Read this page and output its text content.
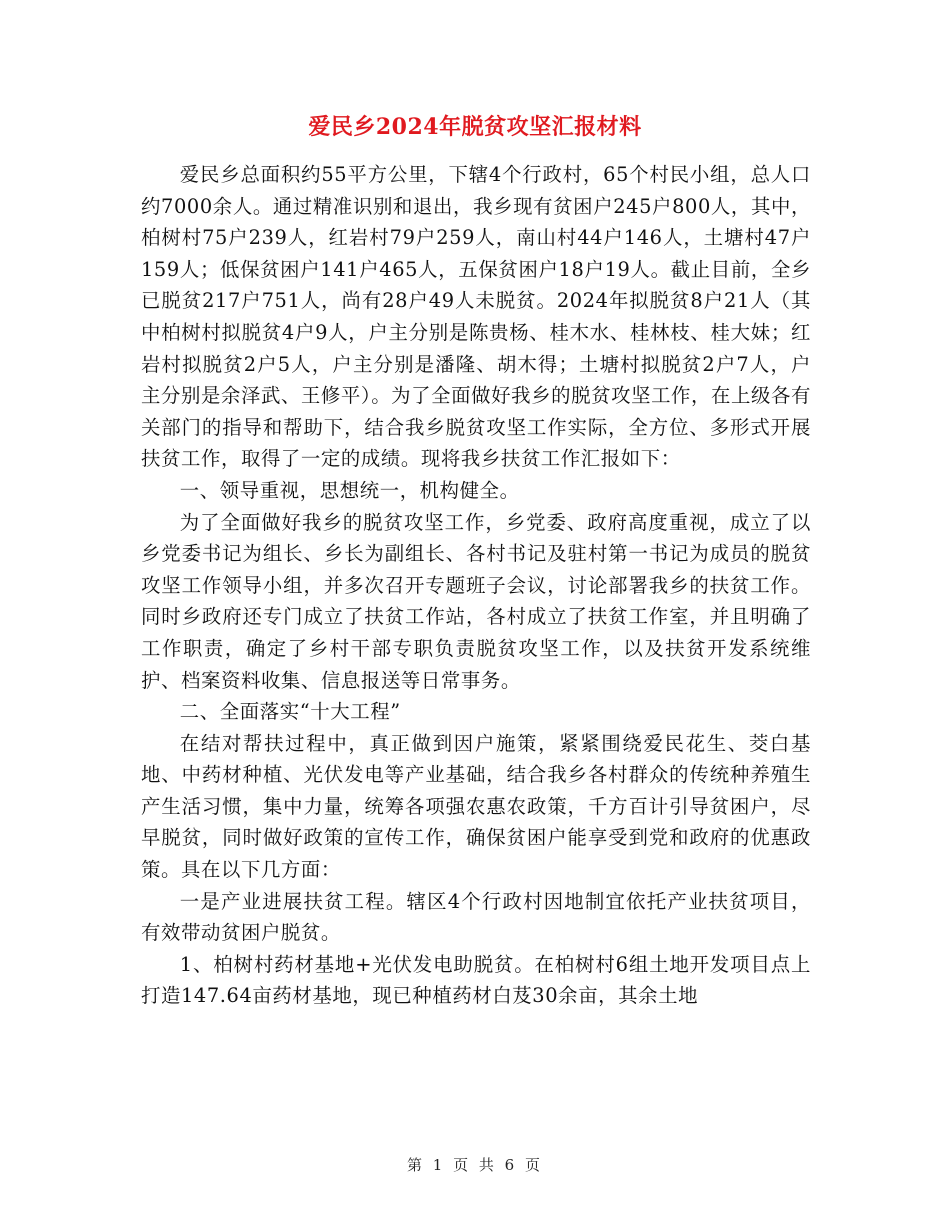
爱民乡2024年脱贫攻坚汇报材料

爱民乡总面积约55平方公里，下辖4个行政村，65个村民小组，总人口约7000余人。通过精准识别和退出，我乡现有贫困户245户800人，其中，柏树村75户239人，红岩村79户259人，南山村44户146人，土塘村47户159人；低保贫困户141户465人，五保贫困户18户19人。截止目前，全乡已脱贫217户751人，尚有28户49人未脱贫。2024年拟脱贫8户21人（其中柏树村拟脱贫4户9人，户主分别是陈贵杨、桂木水、桂林枝、桂大妹；红岩村拟脱贫2户5人，户主分别是潘隆、胡木得；土塘村拟脱贫2户7人，户主分别是余泽武、王修平）。为了全面做好我乡的脱贫攻坚工作，在上级各有关部门的指导和帮助下，结合我乡脱贫攻坚工作实际，全方位、多形式开展扶贫工作，取得了一定的成绩。现将我乡扶贫工作汇报如下：

一、领导重视，思想统一，机构健全。

为了全面做好我乡的脱贫攻坚工作，乡党委、政府高度重视，成立了以乡党委书记为组长、乡长为副组长、各村书记及驻村第一书记为成员的脱贫攻坚工作领导小组，并多次召开专题班子会议，讨论部署我乡的扶贫工作。同时乡政府还专门成立了扶贫工作站，各村成立了扶贫工作室，并且明确了工作职责，确定了乡村干部专职负责脱贫攻坚工作，以及扶贫开发系统维护、档案资料收集、信息报送等日常事务。

二、全面落实“十大工程”

在结对帮扶过程中，真正做到因户施策，紧紧围绕爱民花生、茭白基地、中药材种植、光伏发电等产业基础，结合我乡各村群众的传统种养殖生产生活习惯，集中力量，统筹各项强农惠农政策，千方百计引导贫困户，尽早脱贫，同时做好政策的宣传工作，确保贫困户能享受到党和政府的优惠政策。具在以下几方面：

一是产业进展扶贫工程。辖区4个行政村因地制宜依托产业扶贫项目，有效带动贫困户脱贫。

1、柏树村药材基地+光伏发电助脱贫。在柏树村6组土地开发项目点上打造147.64亩药材基地，现已种植药材白芨30余亩，其余土地

第 1 页 共 6 页
